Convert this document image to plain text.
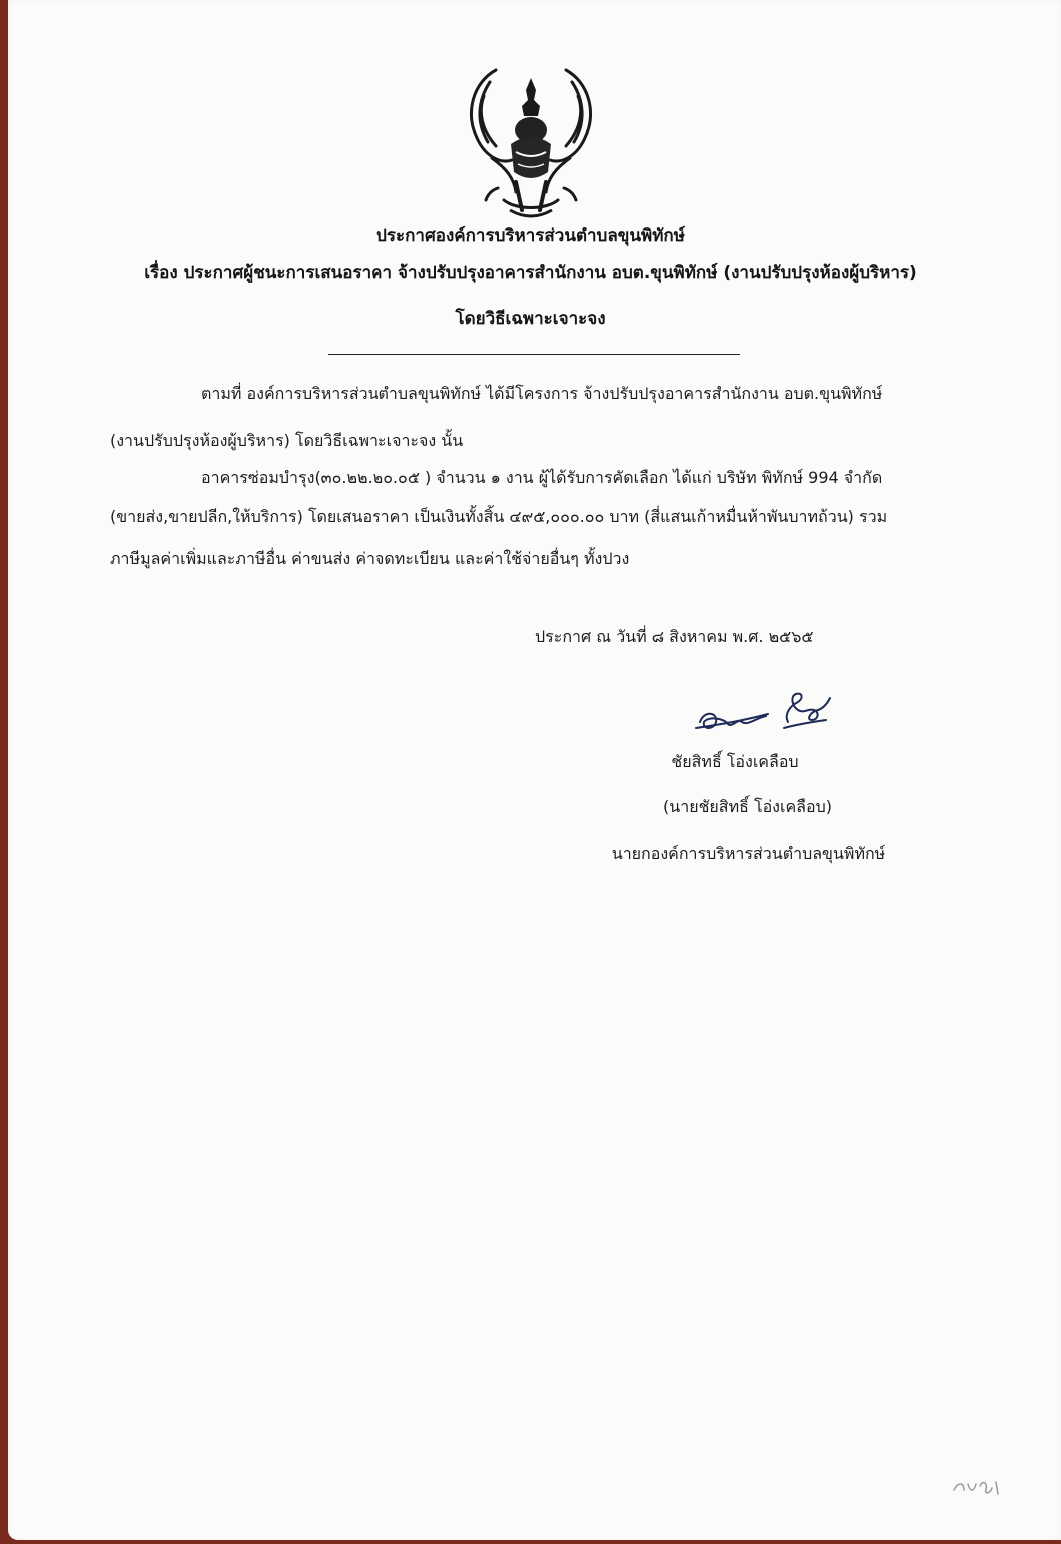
ประกาศองค์การบริหารส่วนตำบลขุนพิทักษ์
เรื่อง ประกาศผู้ชนะการเสนอราคา จ้างปรับปรุงอาคารสำนักงาน อบต.ขุนพิทักษ์ (งานปรับปรุงห้องผู้บริหาร)
โดยวิธีเฉพาะเจาะจง
ตามที่ องค์การบริหารส่วนตำบลขุนพิทักษ์ ได้มีโครงการ จ้างปรับปรุงอาคารสำนักงาน อบต.ขุนพิทักษ์
(งานปรับปรุงห้องผู้บริหาร) โดยวิธีเฉพาะเจาะจง นั้น
อาคารซ่อมบำรุง(๓๐.๒๒.๒๐.๐๕ ) จำนวน ๑ งาน ผู้ได้รับการคัดเลือก ได้แก่ บริษัท พิทักษ์ 994 จำกัด
(ขายส่ง,ขายปลีก,ให้บริการ) โดยเสนอราคา เป็นเงินทั้งสิ้น ๔๙๕,๐๐๐.๐๐ บาท (สี่แสนเก้าหมื่นห้าพันบาทถ้วน) รวม
ภาษีมูลค่าเพิ่มและภาษีอื่น ค่าขนส่ง ค่าจดทะเบียน และค่าใช้จ่ายอื่นๆ ทั้งปวง
ประกาศ ณ วันที่ ๘ สิงหาคม พ.ศ. ๒๕๖๕
ชัยสิทธิ์ โอ่งเคลือบ
(นายชัยสิทธิ์ โอ่งเคลือบ)
นายกองค์การบริหารส่วนตำบลขุนพิทักษ์
